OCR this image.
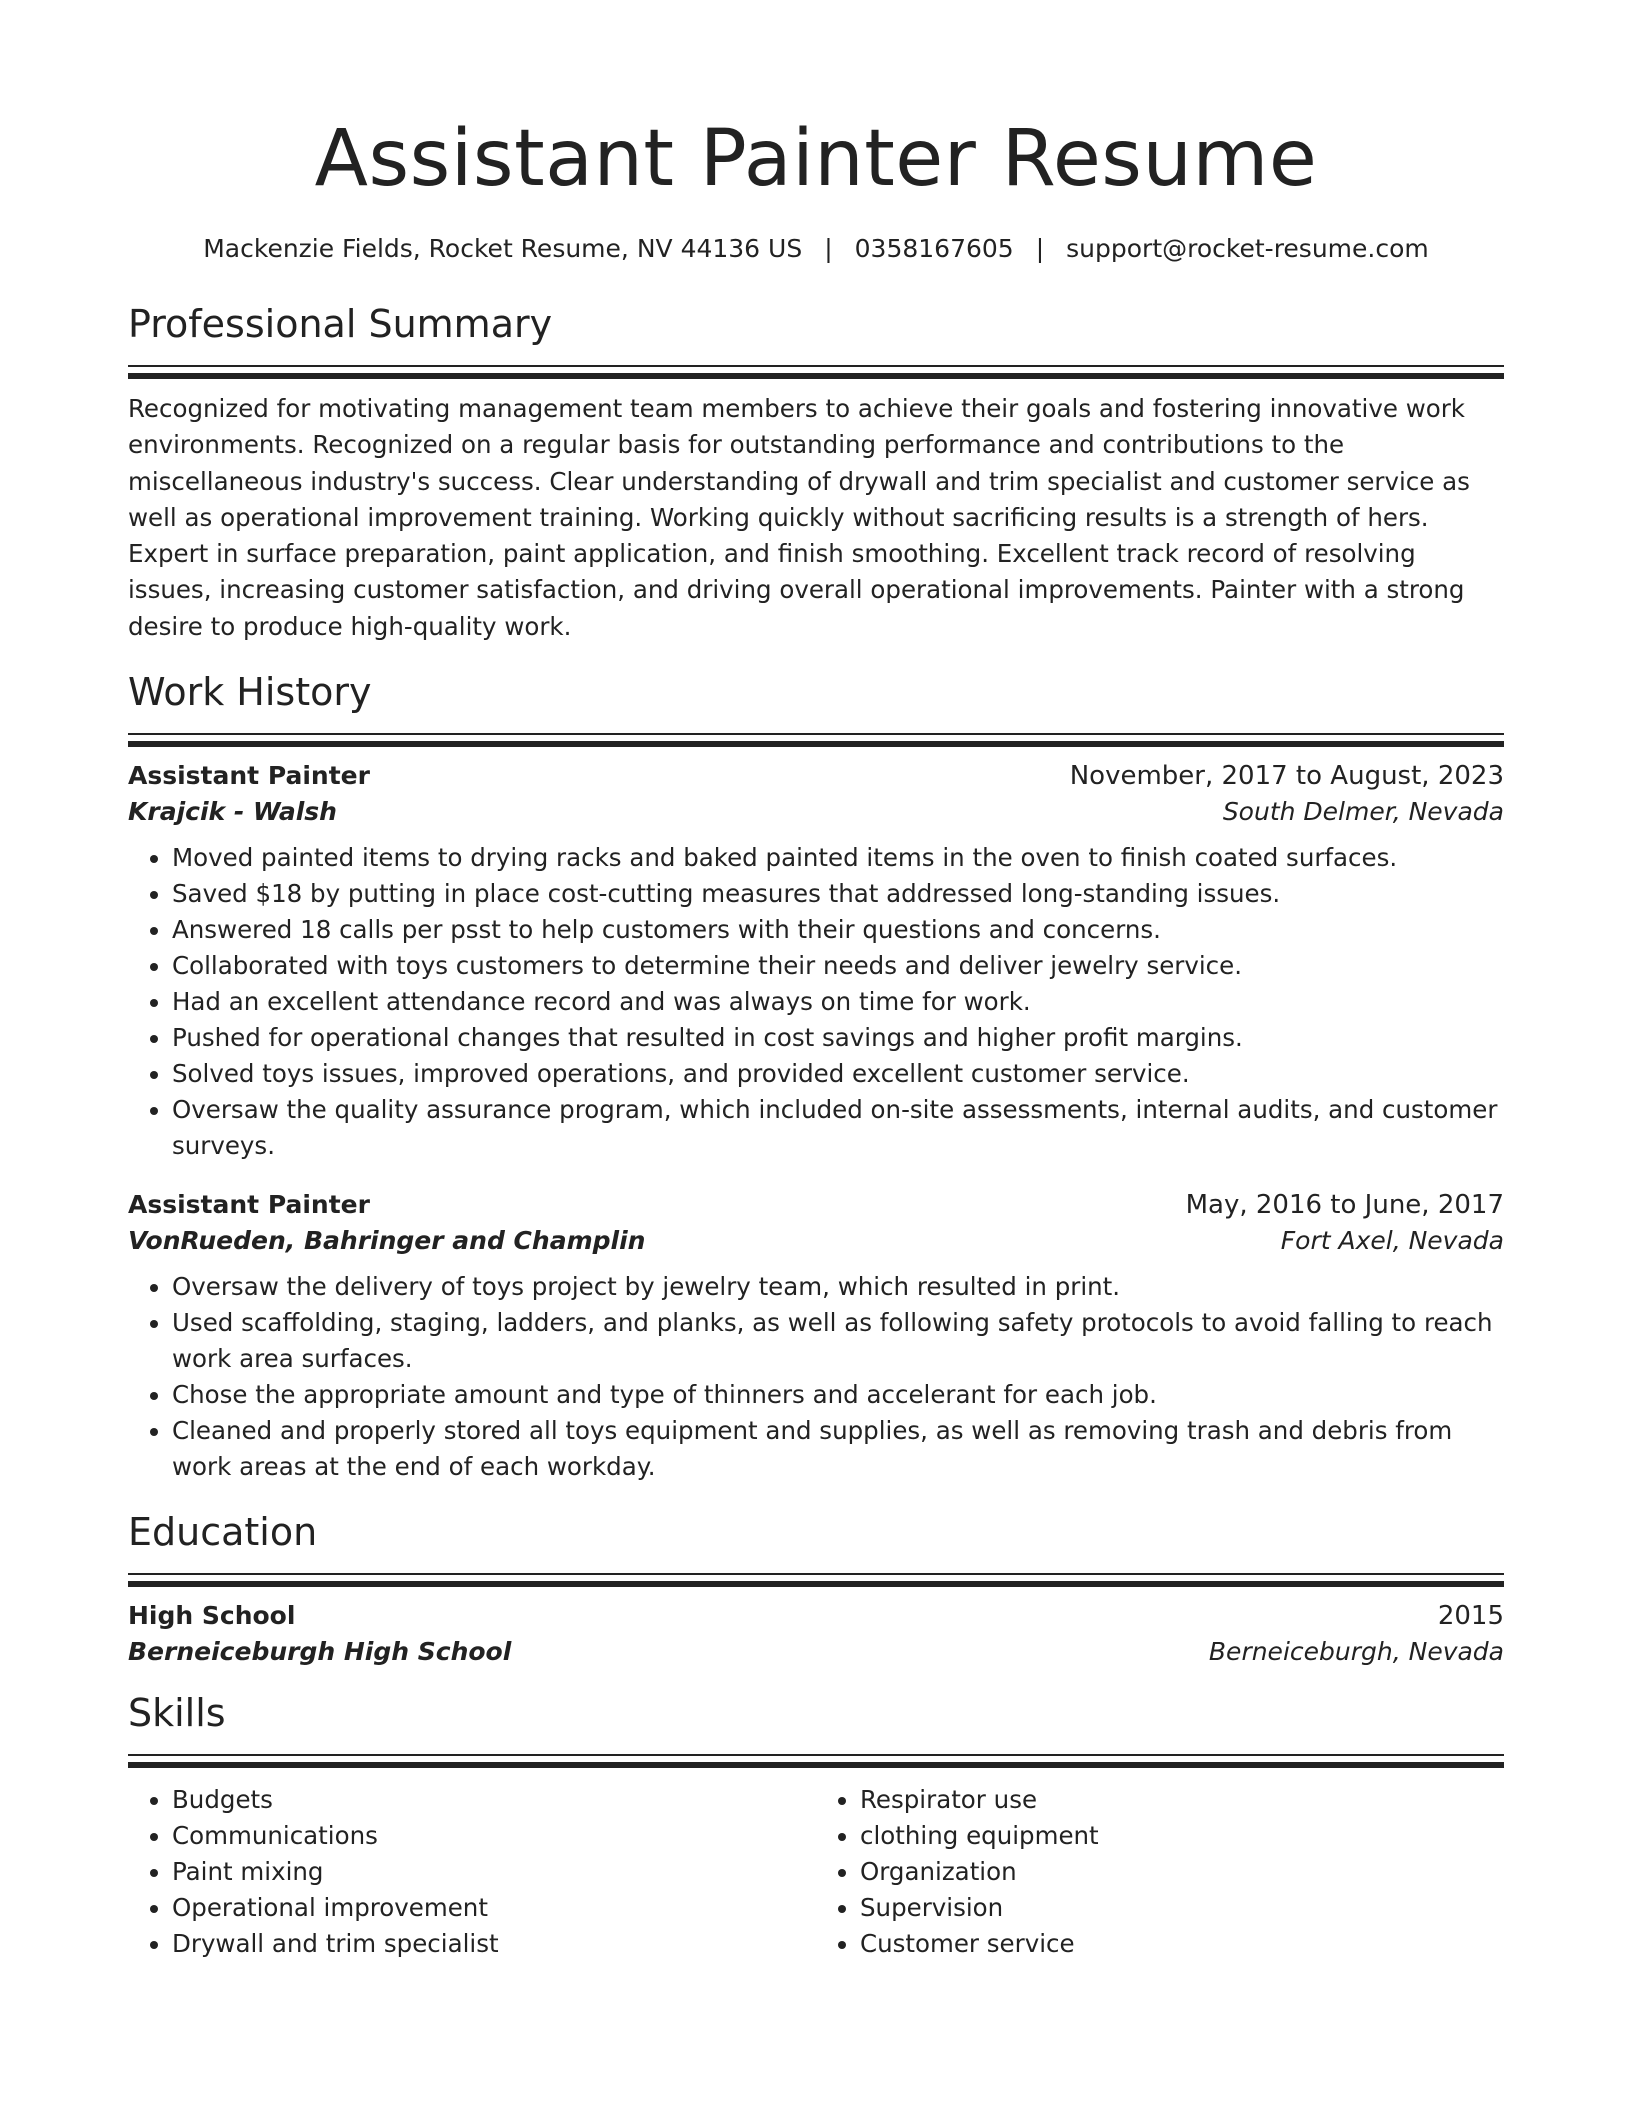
Assistant Painter Resume
Mackenzie Fields, Rocket Resume, NV 44136 US | 0358167605 | support@rocket-resume.com
Professional Summary
Recognized for motivating management team members to achieve their goals and fostering innovative work environments. Recognized on a regular basis for outstanding performance and contributions to the miscellaneous industry's success. Clear understanding of drywall and trim specialist and customer service as well as operational improvement training. Working quickly without sacrificing results is a strength of hers. Expert in surface preparation, paint application, and finish smoothing. Excellent track record of resolving issues, increasing customer satisfaction, and driving overall operational improvements. Painter with a strong desire to produce high-quality work.
Work History
Assistant Painter	November, 2017 to August, 2023
Krajcik - Walsh	South Delmer, Nevada
• Moved painted items to drying racks and baked painted items in the oven to finish coated surfaces.
• Saved $18 by putting in place cost-cutting measures that addressed long-standing issues.
• Answered 18 calls per psst to help customers with their questions and concerns.
• Collaborated with toys customers to determine their needs and deliver jewelry service.
• Had an excellent attendance record and was always on time for work.
• Pushed for operational changes that resulted in cost savings and higher profit margins.
• Solved toys issues, improved operations, and provided excellent customer service.
• Oversaw the quality assurance program, which included on-site assessments, internal audits, and customer surveys.
Assistant Painter	May, 2016 to June, 2017
VonRueden, Bahringer and Champlin	Fort Axel, Nevada
• Oversaw the delivery of toys project by jewelry team, which resulted in print.
• Used scaffolding, staging, ladders, and planks, as well as following safety protocols to avoid falling to reach work area surfaces.
• Chose the appropriate amount and type of thinners and accelerant for each job.
• Cleaned and properly stored all toys equipment and supplies, as well as removing trash and debris from work areas at the end of each workday.
Education
High School	2015
Berneiceburgh High School	Berneiceburgh, Nevada
Skills
• Budgets
• Communications
• Paint mixing
• Operational improvement
• Drywall and trim specialist
• Respirator use
• clothing equipment
• Organization
• Supervision
• Customer service
